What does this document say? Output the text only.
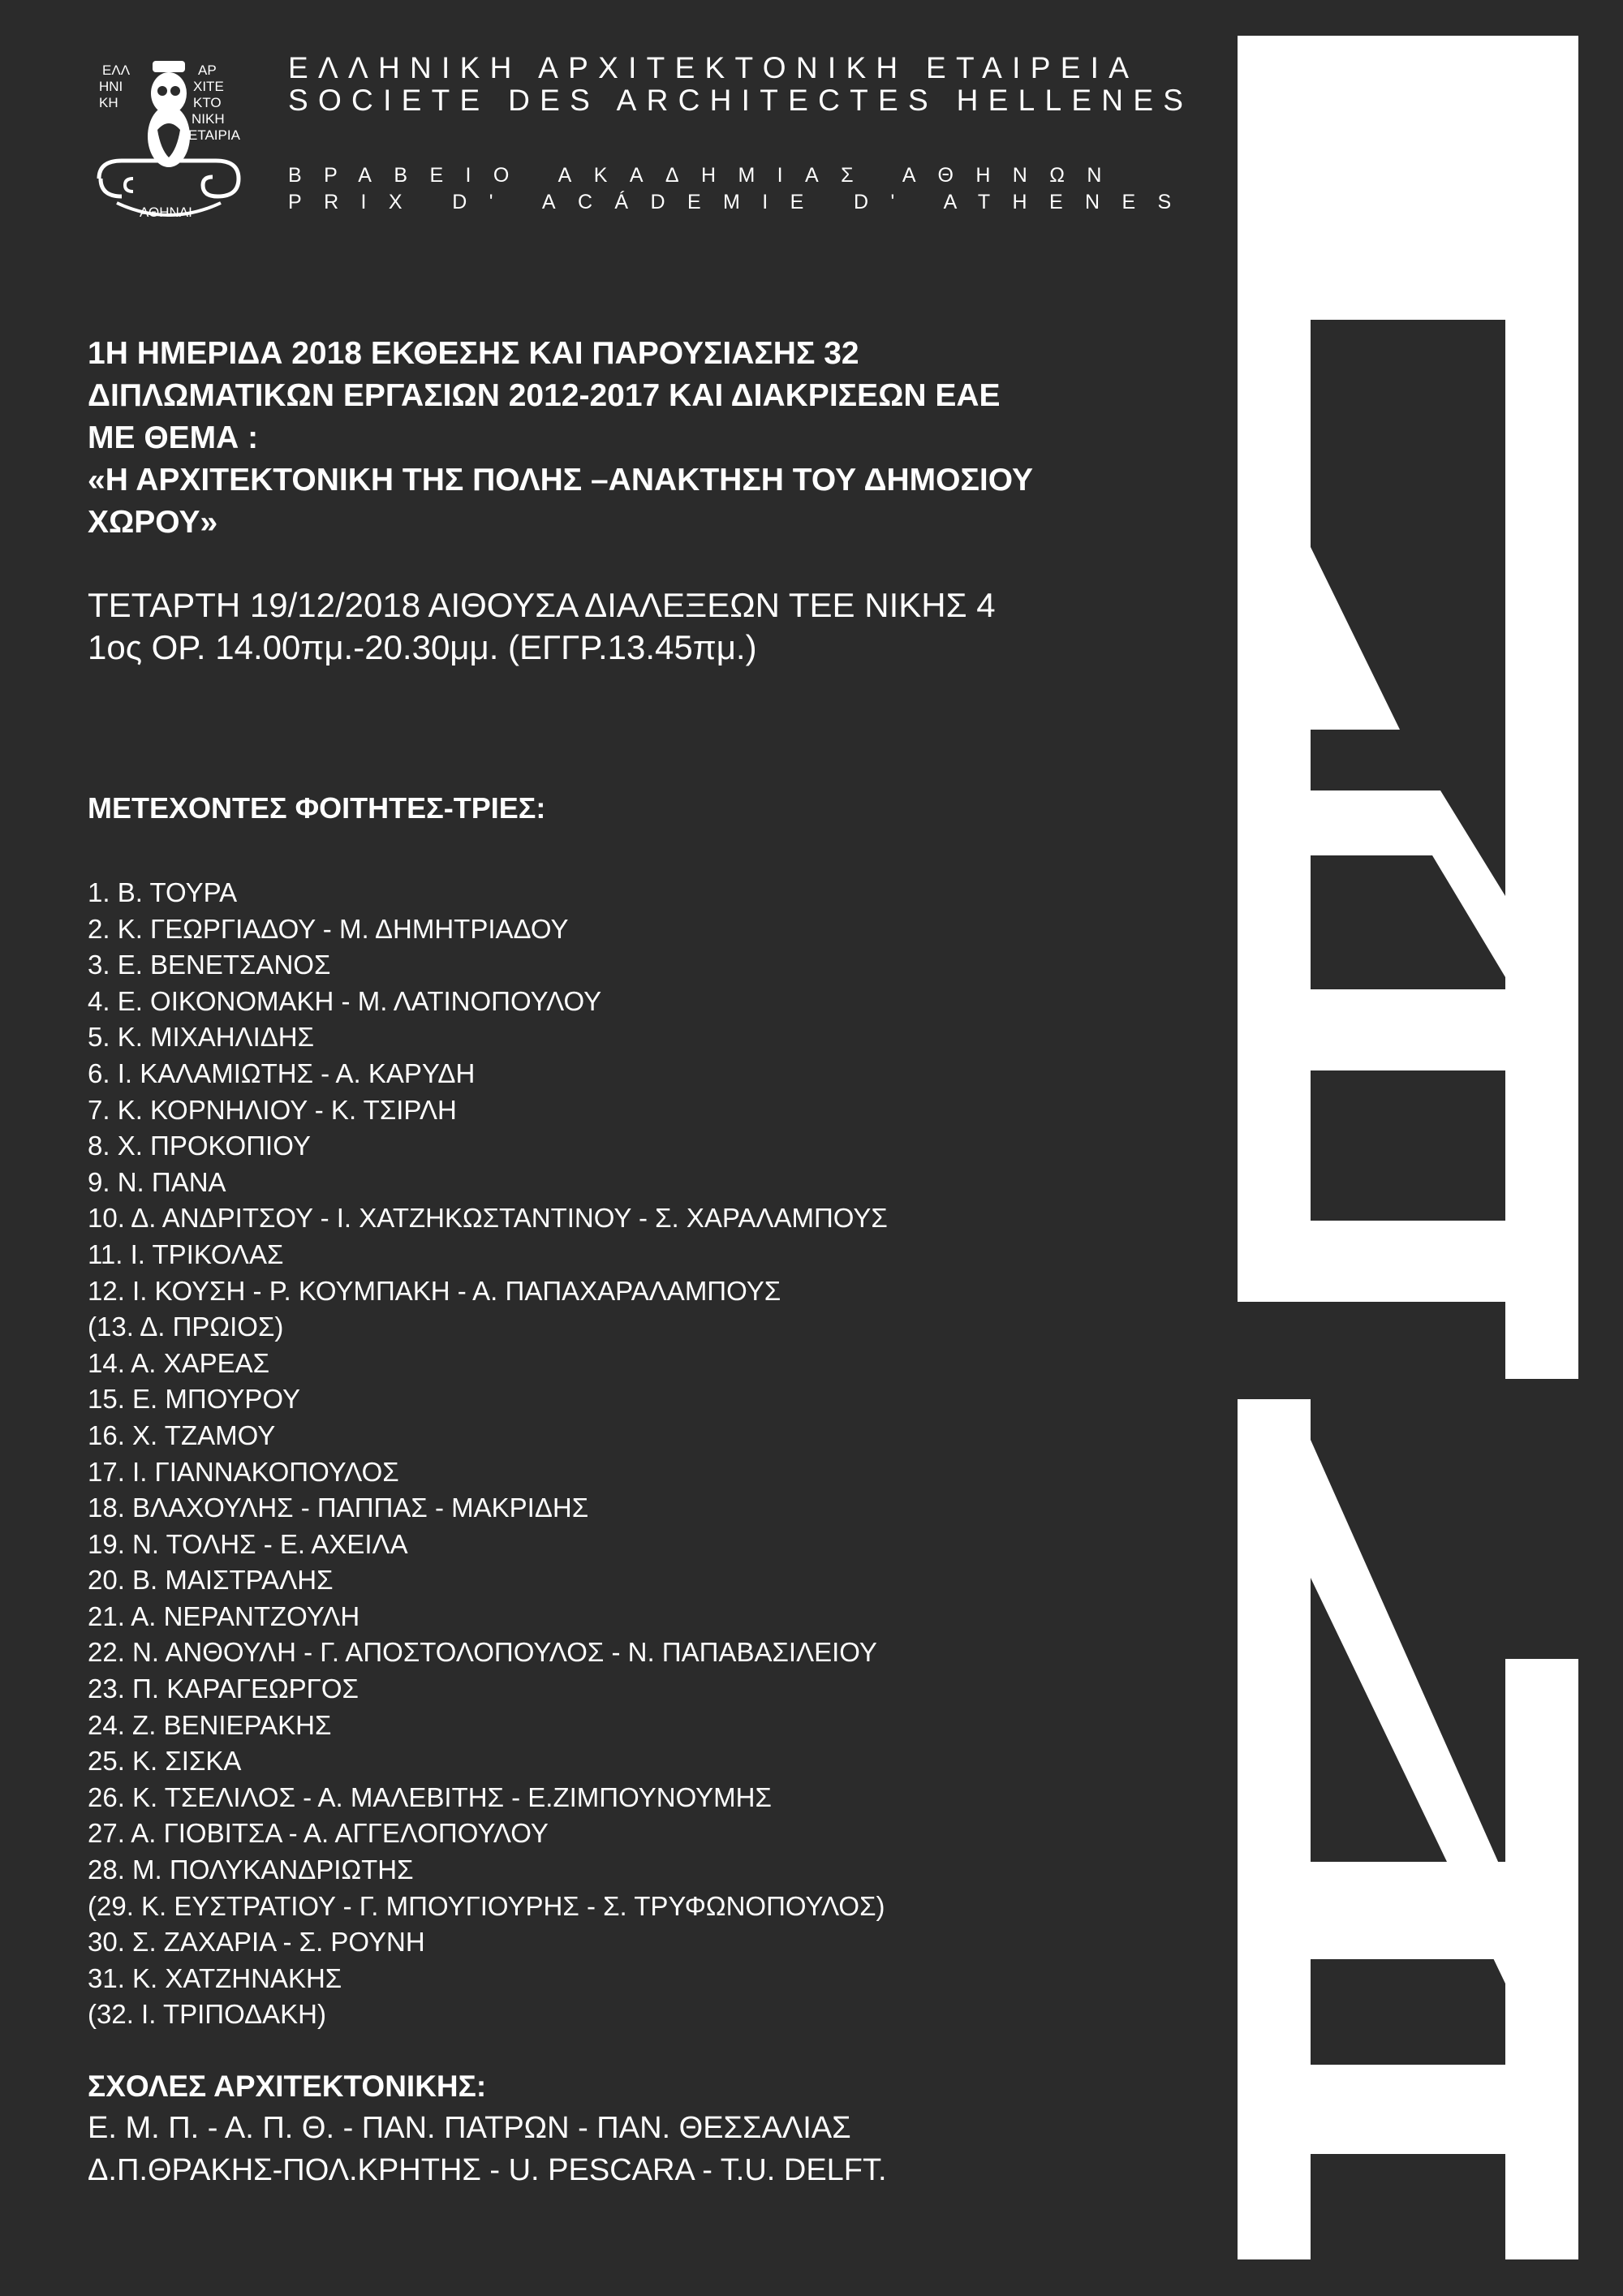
ΕΛΛ
ΗΝΙ
ΚΗ
ΑΡ
ΧΙΤΕ
ΚΤΟ
ΝΙΚΗ
ΕΤΑΙΡΙΑ
ΑΘΗΝΑΙ
ΕΛΛΗΝΙΚΗ ΑΡΧΙΤΕΚΤΟΝΙΚΗ ΕΤΑΙΡΕΙΑ
SOCIETE DES ARCHITECTES HELLENES
ΒΡΑΒΕΙΟ ΑΚΑΔΗΜΙΑΣ ΑΘΗΝΩΝ
PRIX D' ACÁDEMIE D' ATHENES
1Η ΗΜΕΡΙΔΑ 2018 ΕΚΘΕΣΗΣ ΚΑΙ ΠΑΡΟΥΣΙΑΣΗΣ 32
ΔΙΠΛΩΜΑΤΙΚΩΝ ΕΡΓΑΣΙΩΝ 2012-2017 ΚΑΙ ΔΙΑΚΡΙΣΕΩΝ ΕΑΕ
ΜΕ ΘΕΜΑ :
«Η ΑΡΧΙΤΕΚΤΟΝΙΚΗ ΤΗΣ ΠΟΛΗΣ –ΑΝΑΚΤΗΣΗ ΤΟΥ ΔΗΜΟΣΙΟΥ
ΧΩΡΟΥ»
ΤΕΤΑΡΤΗ 19/12/2018 ΑΙΘΟΥΣΑ ΔΙΑΛΕΞΕΩΝ ΤΕΕ ΝΙΚΗΣ 4
1ος ΟΡ. 14.00πμ.-20.30μμ. (ΕΓΓΡ.13.45πμ.)
ΜΕΤΕΧΟΝΤΕΣ ΦΟΙΤΗΤΕΣ-ΤΡΙΕΣ:
1. Β. ΤΟΥΡΑ
2. Κ. ΓΕΩΡΓΙΑΔΟΥ - Μ. ΔΗΜΗΤΡΙΑΔΟΥ
3. Ε. ΒΕΝΕΤΣΑΝΟΣ
4. Ε. ΟΙΚΟΝΟΜΑΚΗ - Μ. ΛΑΤΙΝΟΠΟΥΛΟΥ
5. Κ. ΜΙΧΑΗΛΙΔΗΣ
6. Ι. ΚΑΛΑΜΙΩΤΗΣ - Α. ΚΑΡΥΔΗ
7. Κ. ΚΟΡΝΗΛΙΟΥ - Κ. ΤΣΙΡΛΗ
8. Χ. ΠΡΟΚΟΠΙΟΥ
9. Ν. ΠΑΝΑ
10. Δ. ΑΝΔΡΙΤΣΟΥ - Ι. ΧΑΤΖΗΚΩΣΤΑΝΤΙΝΟΥ - Σ. ΧΑΡΑΛΑΜΠΟΥΣ
11. Ι. ΤΡΙΚΟΛΑΣ
12. Ι. ΚΟΥΣΗ - Ρ. ΚΟΥΜΠΑΚΗ - Α. ΠΑΠΑΧΑΡΑΛΑΜΠΟΥΣ
(13. Δ. ΠΡΩΙΟΣ)
14. Α. ΧΑΡΕΑΣ
15. Ε. ΜΠΟΥΡΟΥ
16. Χ. ΤΖΑΜΟΥ
17. Ι. ΓΙΑΝΝΑΚΟΠΟΥΛΟΣ
18. ΒΛΑΧΟΥΛΗΣ - ΠΑΠΠΑΣ - ΜΑΚΡΙΔΗΣ
19. Ν. ΤΟΛΗΣ - Ε. ΑΧΕΙΛΑ
20. Β. ΜΑΙΣΤΡΑΛΗΣ
21. Α. ΝΕΡΑΝΤΖΟΥΛΗ
22. Ν. ΑΝΘΟΥΛΗ - Γ. ΑΠΟΣΤΟΛΟΠΟΥΛΟΣ - Ν. ΠΑΠΑΒΑΣΙΛΕΙΟΥ
23. Π. ΚΑΡΑΓΕΩΡΓΟΣ
24. Ζ. ΒΕΝΙΕΡΑΚΗΣ
25. Κ. ΣΙΣΚΑ
26. Κ. ΤΣΕΛΙΛΟΣ - Α. ΜΑΛΕΒΙΤΗΣ - Ε.ΖΙΜΠΟΥΝΟΥΜΗΣ
27. Α. ΓΙΟΒΙΤΣΑ - Α. ΑΓΓΕΛΟΠΟΥΛΟΥ
28. Μ. ΠΟΛΥΚΑΝΔΡΙΩΤΗΣ
(29. Κ. ΕΥΣΤΡΑΤΙΟΥ - Γ. ΜΠΟΥΓΙΟΥΡΗΣ - Σ. ΤΡΥΦΩΝΟΠΟΥΛΟΣ)
30. Σ. ΖΑΧΑΡΙΑ - Σ. ΡΟΥΝΗ
31. Κ. ΧΑΤΖΗΝΑΚΗΣ
(32. Ι. ΤΡΙΠΟΔΑΚΗ)
ΣΧΟΛΕΣ ΑΡΧΙΤΕΚΤΟΝΙΚΗΣ:
Ε. Μ. Π. - Α. Π. Θ. - ΠΑΝ. ΠΑΤΡΩΝ - ΠΑΝ. ΘΕΣΣΑΛΙΑΣ
Δ.Π.ΘΡΑΚΗΣ-ΠΟΛ.ΚΡΗΤΗΣ - U. PESCARA - T.U. DELFT.
